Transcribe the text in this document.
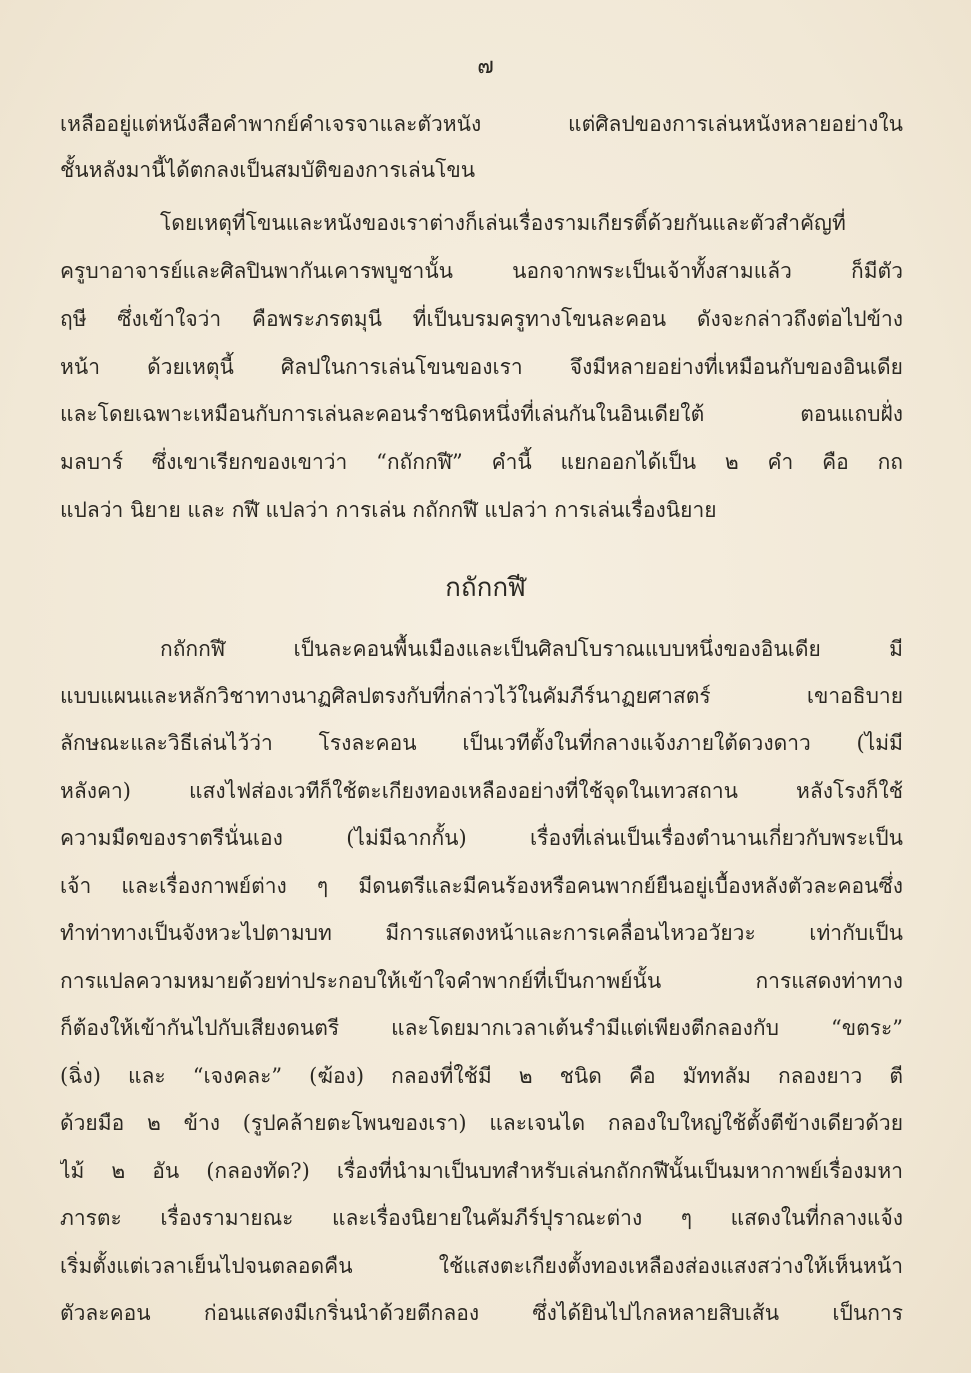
๗
เหลืออยู่แต่หนังสือคำพากย์คำเจรจาและตัวหนัง แต่ศิลปของการเล่นหนังหลายอย่างใน
ชั้นหลังมานี้ได้ตกลงเป็นสมบัติของการเล่นโขน
โดยเหตุที่โขนและหนังของเราต่างก็เล่นเรื่องรามเกียรติ์ด้วยกันและตัวสำคัญที่
ครูบาอาจารย์และศิลปินพากันเคารพบูชานั้น นอกจากพระเป็นเจ้าทั้งสามแล้ว ก็มีตัว
ฤษี ซึ่งเข้าใจว่า คือพระภรตมุนี ที่เป็นบรมครูทางโขนละคอน ดังจะกล่าวถึงต่อไปข้าง
หน้า ด้วยเหตุนี้ ศิลปในการเล่นโขนของเรา จึงมีหลายอย่างที่เหมือนกับของอินเดีย
และโดยเฉพาะเหมือนกับการเล่นละคอนรำชนิดหนึ่งที่เล่นกันในอินเดียใต้ ตอนแถบฝั่ง
มลบาร์ ซึ่งเขาเรียกของเขาว่า “กถักกฬี” คำนี้ แยกออกได้เป็น ๒ คำ คือ กถ
แปลว่า นิยาย และ กฬี แปลว่า การเล่น กถักกฬี แปลว่า การเล่นเรื่องนิยาย
กถักกฬี
กถักกฬี เป็นละคอนพื้นเมืองและเป็นศิลปโบราณแบบหนึ่งของอินเดีย มี
แบบแผนและหลักวิชาทางนาฏศิลปตรงกับที่กล่าวไว้ในคัมภีร์นาฏยศาสตร์ เขาอธิบาย
ลักษณะและวิธีเล่นไว้ว่า โรงละคอน เป็นเวทีตั้งในที่กลางแจ้งภายใต้ดวงดาว (ไม่มี
หลังคา) แสงไฟส่องเวทีก็ใช้ตะเกียงทองเหลืองอย่างที่ใช้จุดในเทวสถาน หลังโรงก็ใช้
ความมืดของราตรีนั่นเอง (ไม่มีฉากกั้น) เรื่องที่เล่นเป็นเรื่องตำนานเกี่ยวกับพระเป็น
เจ้า และเรื่องกาพย์ต่าง ๆ มีดนตรีและมีคนร้องหรือคนพากย์ยืนอยู่เบื้องหลังตัวละคอนซึ่ง
ทำท่าทางเป็นจังหวะไปตามบท มีการแสดงหน้าและการเคลื่อนไหวอวัยวะ เท่ากับเป็น
การแปลความหมายด้วยท่าประกอบให้เข้าใจคำพากย์ที่เป็นกาพย์นั้น การแสดงท่าทาง
ก็ต้องให้เข้ากันไปกับเสียงดนตรี และโดยมากเวลาเต้นรำมีแต่เพียงตีกลองกับ “ขตระ”
(ฉิ่ง) และ “เจงคละ” (ฆ้อง) กลองที่ใช้มี ๒ ชนิด คือ มัททลัม กลองยาว ตี
ด้วยมือ ๒ ข้าง (รูปคล้ายตะโพนของเรา) และเจนได กลองใบใหญ่ใช้ตั้งตีข้างเดียวด้วย
ไม้ ๒ อัน (กลองทัด?) เรื่องที่นำมาเป็นบทสำหรับเล่นกถักกฬีนั้นเป็นมหากาพย์เรื่องมหา
ภารตะ เรื่องรามายณะ และเรื่องนิยายในคัมภีร์ปุราณะต่าง ๆ แสดงในที่กลางแจ้ง
เริ่มตั้งแต่เวลาเย็นไปจนตลอดคืน ใช้แสงตะเกียงตั้งทองเหลืองส่องแสงสว่างให้เห็นหน้า
ตัวละคอน ก่อนแสดงมีเกริ่นนำด้วยตีกลอง ซึ่งได้ยินไปไกลหลายสิบเส้น เป็นการ
